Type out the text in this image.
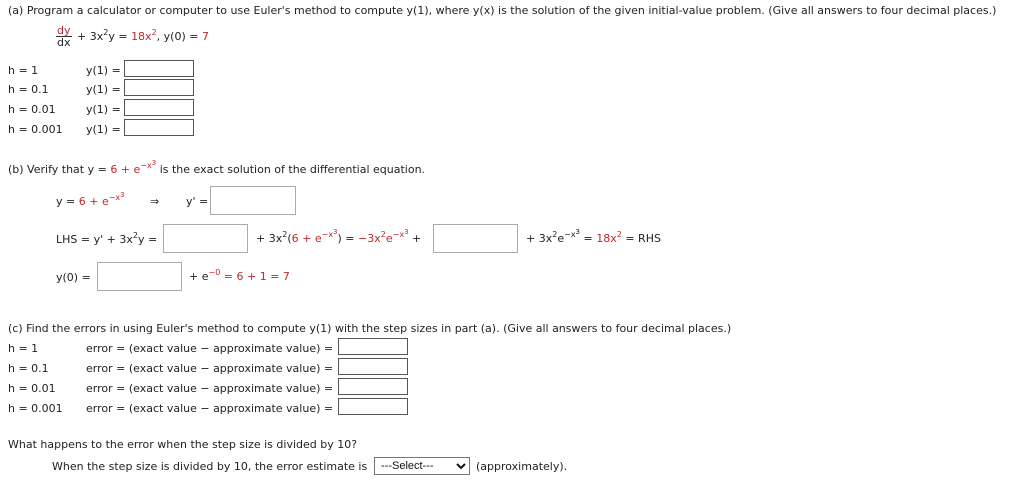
(a) Program a calculator or computer to use Euler's method to compute y(1), where y(x) is the solution of the given initial-value problem. (Give all answers to four decimal places.)
$\frac{dy}{dx} + 3x^2y = 18x^2$, y(0) = 7
h = 1	y(1) =
h = 0.1	y(1) =
h = 0.01	y(1) =
h = 0.001 y(1) =
(b) Verify that $y = 6 + e^{-x3}$ is the exact solution of the differential equation.
$y = 6 + e^{-x3}$ ⇒ y' =
LHS = $y' + 3x^2y$ =	+ $3x^2(6 + e^{-x3}) = -3x^2e^{-x3}$ +	+ $3x^2e^{-x3} = 18x^2$ = RHS
y(0) =	+ $e^{-0} = 6 + 1 = 7$
(c) Find the errors in using Euler's method to compute y(1) with the step sizes in part (a). (Give all answers to four decimal places.)
h = 1	error = (exact value − approximate value) =
h = 0.1	error = (exact value − approximate value) =
h = 0.01	error = (exact value − approximate value) =
h = 0.001 error = (exact value − approximate value) =
What happens to the error when the step size is divided by 10?
When the step size is divided by 10, the error estimate is
---Select---	(approximately).
